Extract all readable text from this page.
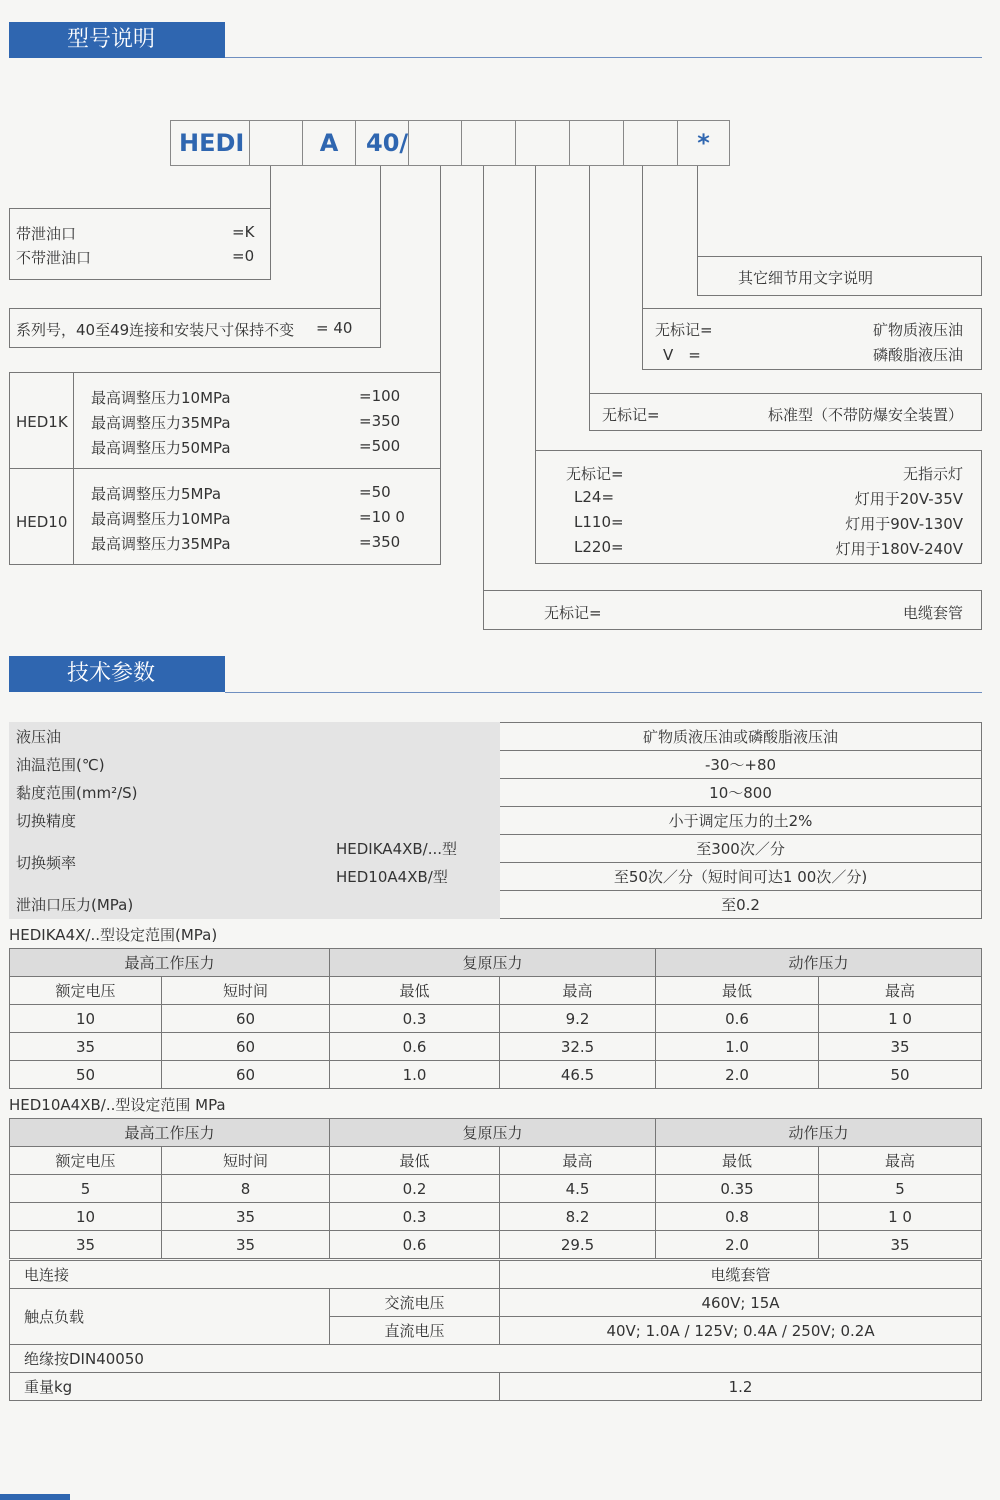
型号说明
HEDI	A	40/	*
带泄油口	=K
不带泄油口	=0
系列号，40至49连接和安装尺寸保持不变 = 40
HED1K
最高调整压力10MPa	=100
最高调整压力35MPa	=350
最高调整压力50MPa	=500
HED10
最高调整压力5MPa	=50
最高调整压力10MPa	=10 0
最高调整压力35MPa	=350
其它细节用文字说明
无标记=	矿物质液压油
V　=	磷酸脂液压油
无标记=	标准型（不带防爆安全装置）
无标记=	无指示灯
L24=	灯用于20V-35V
L110=	灯用于90V-130V
L220=	灯用于180V-240V
无标记=	电缆套管
技术参数
液压油		矿物质液压油或磷酸脂液压油
油温范围(℃)		-30〜+80
黏度范围(mm²/S)		10〜800
切换精度		小于调定压力的土2%
切换频率	HEDIKA4XB/...型	至300次／分
	HED10A4XB/型	至50次／分（短时间可达1 00次／分)
泄油口压力(MPa)		至0.2
HEDIKA4X/..型设定范围(MPa)
最高工作压力		复原压力		动作压力	
额定电压	短时间	最低	最高	最低	最高
10	60	0.3	9.2	0.6	1 0
35	60	0.6	32.5	1.0	35
50	60	1.0	46.5	2.0	50
HED10A4XB/..型设定范围 MPa
最高工作压力		复原压力		动作压力	
额定电压	短时间	最低	最高	最低	最高
5	8	0.2	4.5	0.35	5
10	35	0.3	8.2	0.8	1 0
35	35	0.6	29.5	2.0	35
电连接		电缆套管
触点负载	交流电压	460V; 15A
	直流电压	40V; 1.0A / 125V; 0.4A / 250V; 0.2A
绝缘按DIN40050		
重量kg		1.2
